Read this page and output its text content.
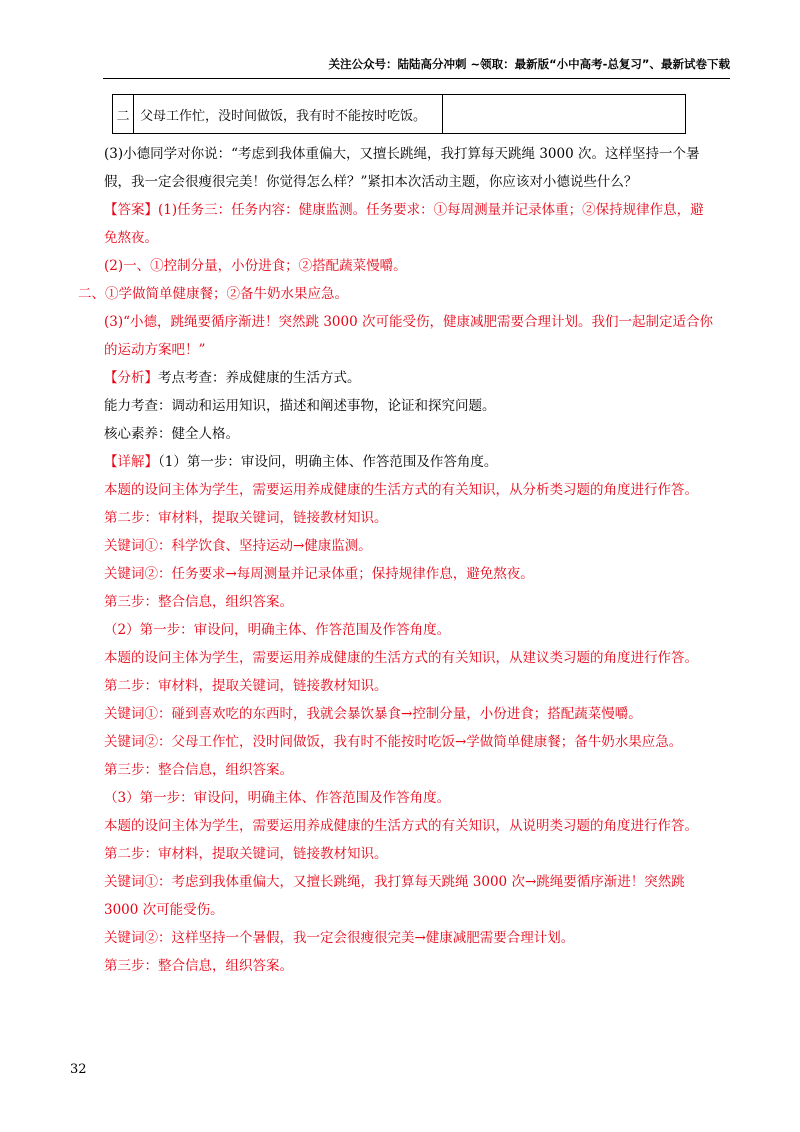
关注公众号：陆陆高分冲刺 ~领取：最新版“小中高考-总复习”、最新试卷下载
二	父母工作忙，没时间做饭，我有时不能按时吃饭。	
(3)小德同学对你说：“考虑到我体重偏大，又擅长跳绳，我打算每天跳绳 3000 次。这样坚持一个暑
假，我一定会很瘦很完美！你觉得怎么样？”紧扣本次活动主题，你应该对小德说些什么？
【答案】(1)任务三：任务内容：健康监测。任务要求：①每周测量并记录体重；②保持规律作息，避
免熬夜。
(2)一、①控制分量，小份进食；②搭配蔬菜慢嚼。
二、①学做简单健康餐；②备牛奶水果应急。
(3)“小德，跳绳要循序渐进！突然跳 3000 次可能受伤，健康减肥需要合理计划。我们一起制定适合你
的运动方案吧！”
【分析】考点考查：养成健康的生活方式。
能力考查：调动和运用知识，描述和阐述事物，论证和探究问题。
核心素养：健全人格。
【详解】（1）第一步：审设问，明确主体、作答范围及作答角度。
本题的设问主体为学生，需要运用养成健康的生活方式的有关知识，从分析类习题的角度进行作答。
第二步：审材料，提取关键词，链接教材知识。
关键词①：科学饮食、坚持运动→健康监测。
关键词②：任务要求→每周测量并记录体重；保持规律作息，避免熬夜。
第三步：整合信息，组织答案。
（2）第一步：审设问，明确主体、作答范围及作答角度。
本题的设问主体为学生，需要运用养成健康的生活方式的有关知识，从建议类习题的角度进行作答。
第二步：审材料，提取关键词，链接教材知识。
关键词①：碰到喜欢吃的东西时，我就会暴饮暴食→控制分量，小份进食；搭配蔬菜慢嚼。
关键词②：父母工作忙，没时间做饭，我有时不能按时吃饭→学做简单健康餐；备牛奶水果应急。
第三步：整合信息，组织答案。
（3）第一步：审设问，明确主体、作答范围及作答角度。
本题的设问主体为学生，需要运用养成健康的生活方式的有关知识，从说明类习题的角度进行作答。
第二步：审材料，提取关键词，链接教材知识。
关键词①：考虑到我体重偏大，又擅长跳绳，我打算每天跳绳 3000 次→跳绳要循序渐进！突然跳
3000 次可能受伤。
关键词②：这样坚持一个暑假，我一定会很瘦很完美→健康减肥需要合理计划。
第三步：整合信息，组织答案。
32
